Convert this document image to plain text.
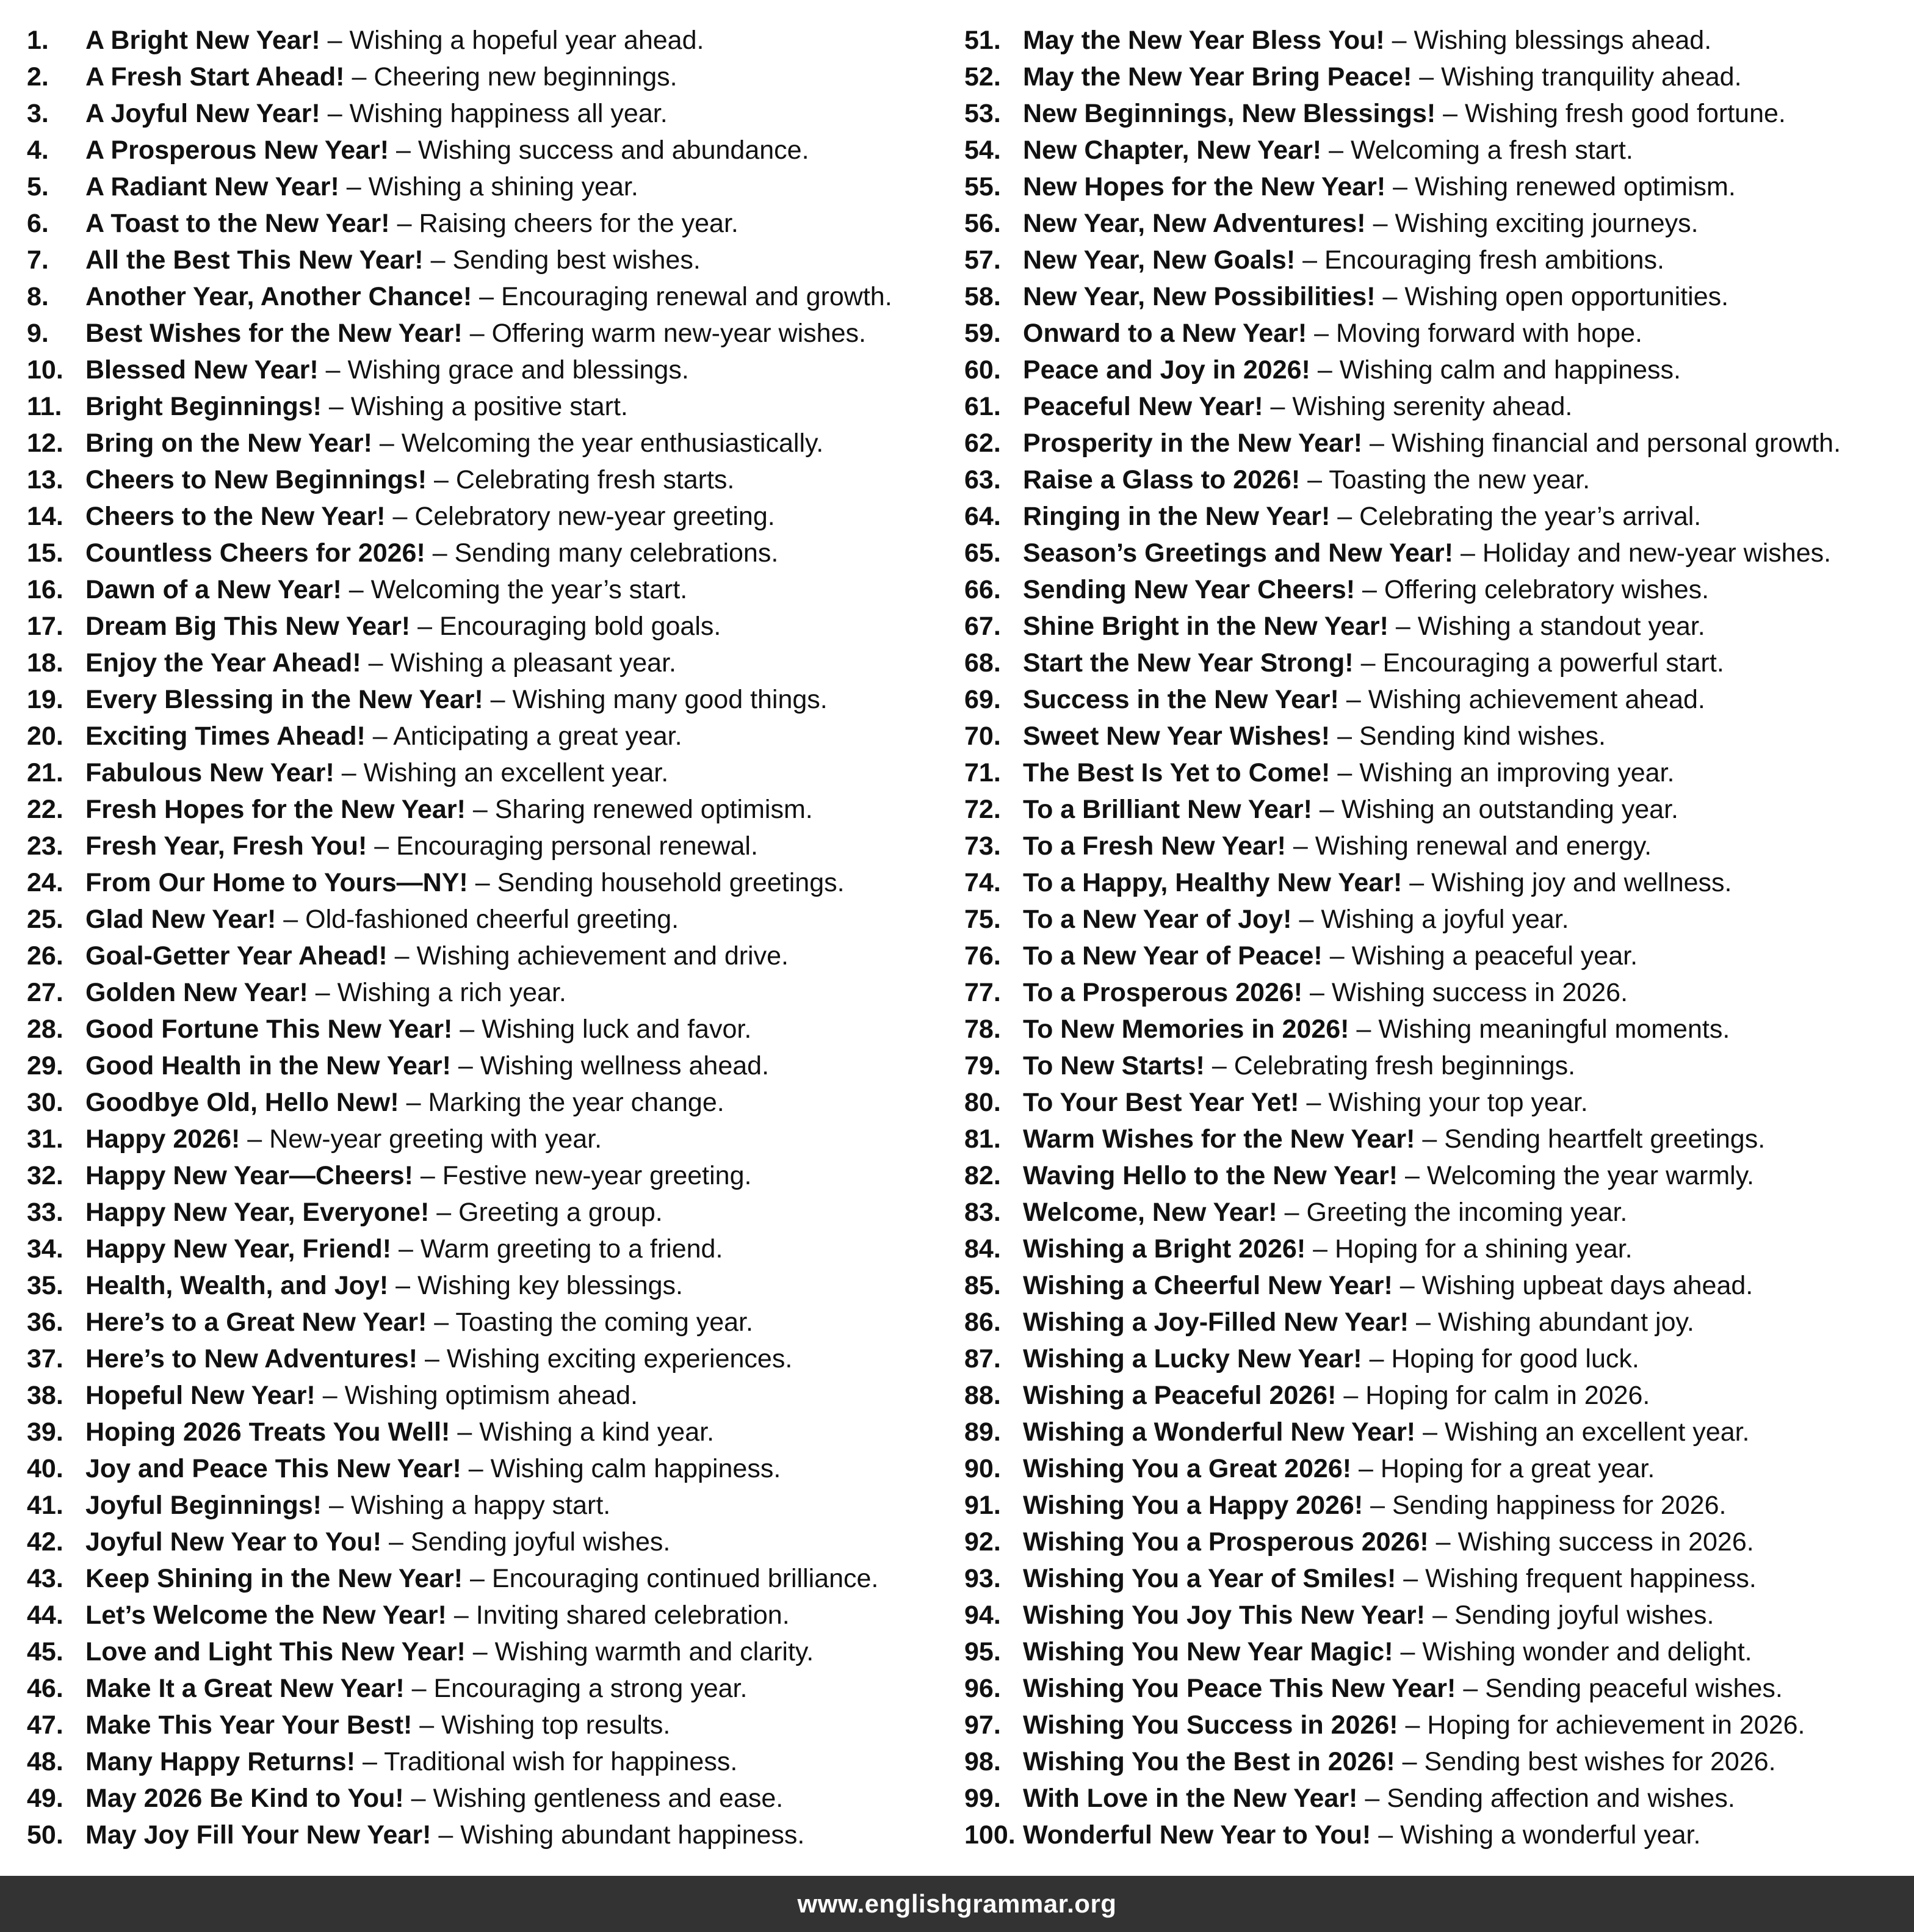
1.	A Bright New Year! – Wishing a hopeful year ahead.
2.	A Fresh Start Ahead! – Cheering new beginnings.
3.	A Joyful New Year! – Wishing happiness all year.
4.	A Prosperous New Year! – Wishing success and abundance.
5.	A Radiant New Year! – Wishing a shining year.
6.	A Toast to the New Year! – Raising cheers for the year.
7.	All the Best This New Year! – Sending best wishes.
8.	Another Year, Another Chance! – Encouraging renewal and growth.
9.	Best Wishes for the New Year! – Offering warm new-year wishes.
10. Blessed New Year! – Wishing grace and blessings.
11. Bright Beginnings! – Wishing a positive start.
12. Bring on the New Year! – Welcoming the year enthusiastically.
13. Cheers to New Beginnings! – Celebrating fresh starts.
14. Cheers to the New Year! – Celebratory new-year greeting.
15. Countless Cheers for 2026! – Sending many celebrations.
16. Dawn of a New Year! – Welcoming the year’s start.
17. Dream Big This New Year! – Encouraging bold goals.
18. Enjoy the Year Ahead! – Wishing a pleasant year.
19. Every Blessing in the New Year! – Wishing many good things.
20. Exciting Times Ahead! – Anticipating a great year.
21. Fabulous New Year! – Wishing an excellent year.
22. Fresh Hopes for the New Year! – Sharing renewed optimism.
23. Fresh Year, Fresh You! – Encouraging personal renewal.
24. From Our Home to Yours—NY! – Sending household greetings.
25. Glad New Year! – Old-fashioned cheerful greeting.
26. Goal-Getter Year Ahead! – Wishing achievement and drive.
27. Golden New Year! – Wishing a rich year.
28. Good Fortune This New Year! – Wishing luck and favor.
29. Good Health in the New Year! – Wishing wellness ahead.
30. Goodbye Old, Hello New! – Marking the year change.
31. Happy 2026! – New-year greeting with year.
32. Happy New Year—Cheers! – Festive new-year greeting.
33. Happy New Year, Everyone! – Greeting a group.
34. Happy New Year, Friend! – Warm greeting to a friend.
35. Health, Wealth, and Joy! – Wishing key blessings.
36. Here’s to a Great New Year! – Toasting the coming year.
37. Here’s to New Adventures! – Wishing exciting experiences.
38. Hopeful New Year! – Wishing optimism ahead.
39. Hoping 2026 Treats You Well! – Wishing a kind year.
40. Joy and Peace This New Year! – Wishing calm happiness.
41. Joyful Beginnings! – Wishing a happy start.
42. Joyful New Year to You! – Sending joyful wishes.
43. Keep Shining in the New Year! – Encouraging continued brilliance.
44. Let’s Welcome the New Year! – Inviting shared celebration.
45. Love and Light This New Year! – Wishing warmth and clarity.
46. Make It a Great New Year! – Encouraging a strong year.
47. Make This Year Your Best! – Wishing top results.
48. Many Happy Returns! – Traditional wish for happiness.
49. May 2026 Be Kind to You! – Wishing gentleness and ease.
50. May Joy Fill Your New Year! – Wishing abundant happiness.
51. May the New Year Bless You! – Wishing blessings ahead.
52. May the New Year Bring Peace! – Wishing tranquility ahead.
53. New Beginnings, New Blessings! – Wishing fresh good fortune.
54. New Chapter, New Year! – Welcoming a fresh start.
55. New Hopes for the New Year! – Wishing renewed optimism.
56. New Year, New Adventures! – Wishing exciting journeys.
57. New Year, New Goals! – Encouraging fresh ambitions.
58. New Year, New Possibilities! – Wishing open opportunities.
59. Onward to a New Year! – Moving forward with hope.
60. Peace and Joy in 2026! – Wishing calm and happiness.
61. Peaceful New Year! – Wishing serenity ahead.
62. Prosperity in the New Year! – Wishing financial and personal growth.
63. Raise a Glass to 2026! – Toasting the new year.
64. Ringing in the New Year! – Celebrating the year’s arrival.
65. Season’s Greetings and New Year! – Holiday and new-year wishes.
66. Sending New Year Cheers! – Offering celebratory wishes.
67. Shine Bright in the New Year! – Wishing a standout year.
68. Start the New Year Strong! – Encouraging a powerful start.
69. Success in the New Year! – Wishing achievement ahead.
70. Sweet New Year Wishes! – Sending kind wishes.
71. The Best Is Yet to Come! – Wishing an improving year.
72. To a Brilliant New Year! – Wishing an outstanding year.
73. To a Fresh New Year! – Wishing renewal and energy.
74. To a Happy, Healthy New Year! – Wishing joy and wellness.
75. To a New Year of Joy! – Wishing a joyful year.
76. To a New Year of Peace! – Wishing a peaceful year.
77. To a Prosperous 2026! – Wishing success in 2026.
78. To New Memories in 2026! – Wishing meaningful moments.
79. To New Starts! – Celebrating fresh beginnings.
80. To Your Best Year Yet! – Wishing your top year.
81. Warm Wishes for the New Year! – Sending heartfelt greetings.
82. Waving Hello to the New Year! – Welcoming the year warmly.
83. Welcome, New Year! – Greeting the incoming year.
84. Wishing a Bright 2026! – Hoping for a shining year.
85. Wishing a Cheerful New Year! – Wishing upbeat days ahead.
86. Wishing a Joy-Filled New Year! – Wishing abundant joy.
87. Wishing a Lucky New Year! – Hoping for good luck.
88. Wishing a Peaceful 2026! – Hoping for calm in 2026.
89. Wishing a Wonderful New Year! – Wishing an excellent year.
90. Wishing You a Great 2026! – Hoping for a great year.
91. Wishing You a Happy 2026! – Sending happiness for 2026.
92. Wishing You a Prosperous 2026! – Wishing success in 2026.
93. Wishing You a Year of Smiles! – Wishing frequent happiness.
94. Wishing You Joy This New Year! – Sending joyful wishes.
95. Wishing You New Year Magic! – Wishing wonder and delight.
96. Wishing You Peace This New Year! – Sending peaceful wishes.
97. Wishing You Success in 2026! – Hoping for achievement in 2026.
98. Wishing You the Best in 2026! – Sending best wishes for 2026.
99. With Love in the New Year! – Sending affection and wishes.
100. Wonderful New Year to You! – Wishing a wonderful year.
www.englishgrammar.org
